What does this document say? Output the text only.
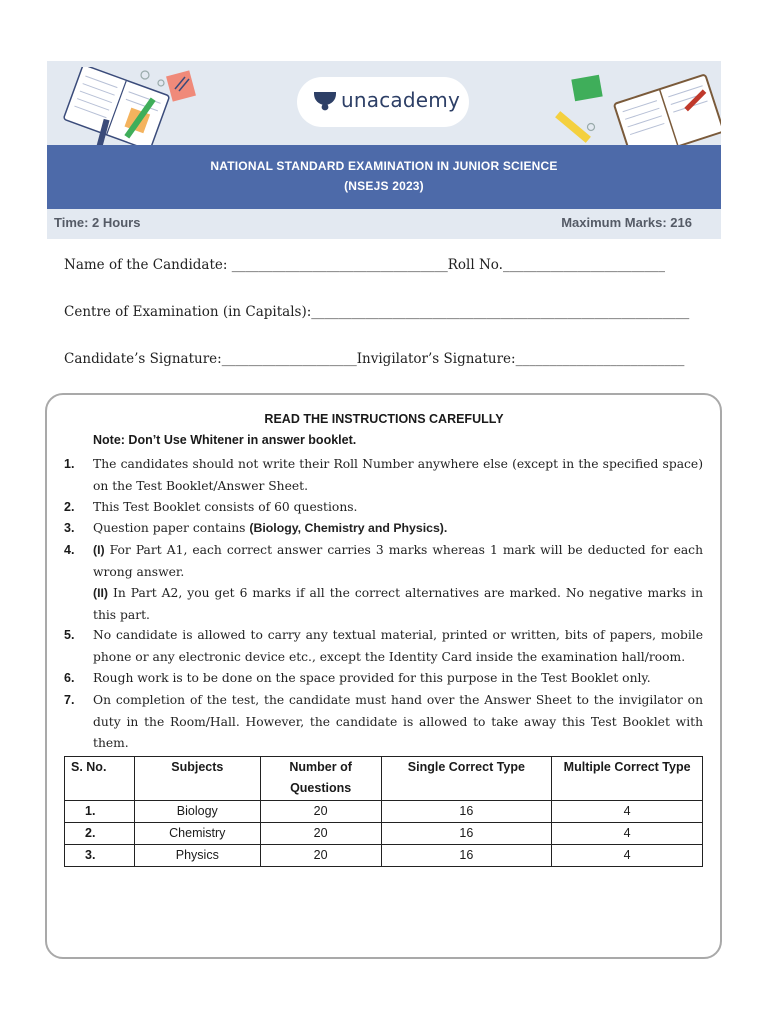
unacademy
NATIONAL STANDARD EXAMINATION IN JUNIOR SCIENCE
(NSEJS 2023)
Time: 2 Hours	Maximum Marks: 216
Name of the Candidate: ________________________________Roll No.________________________
Centre of Examination (in Capitals):________________________________________________________
Candidate’s Signature:____________________Invigilator’s Signature:_________________________
READ THE INSTRUCTIONS CAREFULLY
Note: Don’t Use Whitener in answer booklet.
1. The candidates should not write their Roll Number anywhere else (except in the specified space) on the Test Booklet/Answer Sheet.
2. This Test Booklet consists of 60 questions.
3. Question paper contains (Biology, Chemistry and Physics).
4. (I) For Part A1, each correct answer carries 3 marks whereas 1 mark will be deducted for each wrong answer.
(II) In Part A2, you get 6 marks if all the correct alternatives are marked. No negative marks in this part.
5. No candidate is allowed to carry any textual material, printed or written, bits of papers, mobile phone or any electronic device etc., except the Identity Card inside the examination hall/room.
6. Rough work is to be done on the space provided for this purpose in the Test Booklet only.
7. On completion of the test, the candidate must hand over the Answer Sheet to the invigilator on duty in the Room/Hall. However, the candidate is allowed to take away this Test Booklet with them.
S. No.	Subjects	Number of Questions	Single Correct Type	Multiple Correct Type
1.	Biology	20	16	4
2.	Chemistry	20	16	4
3.	Physics	20	16	4
